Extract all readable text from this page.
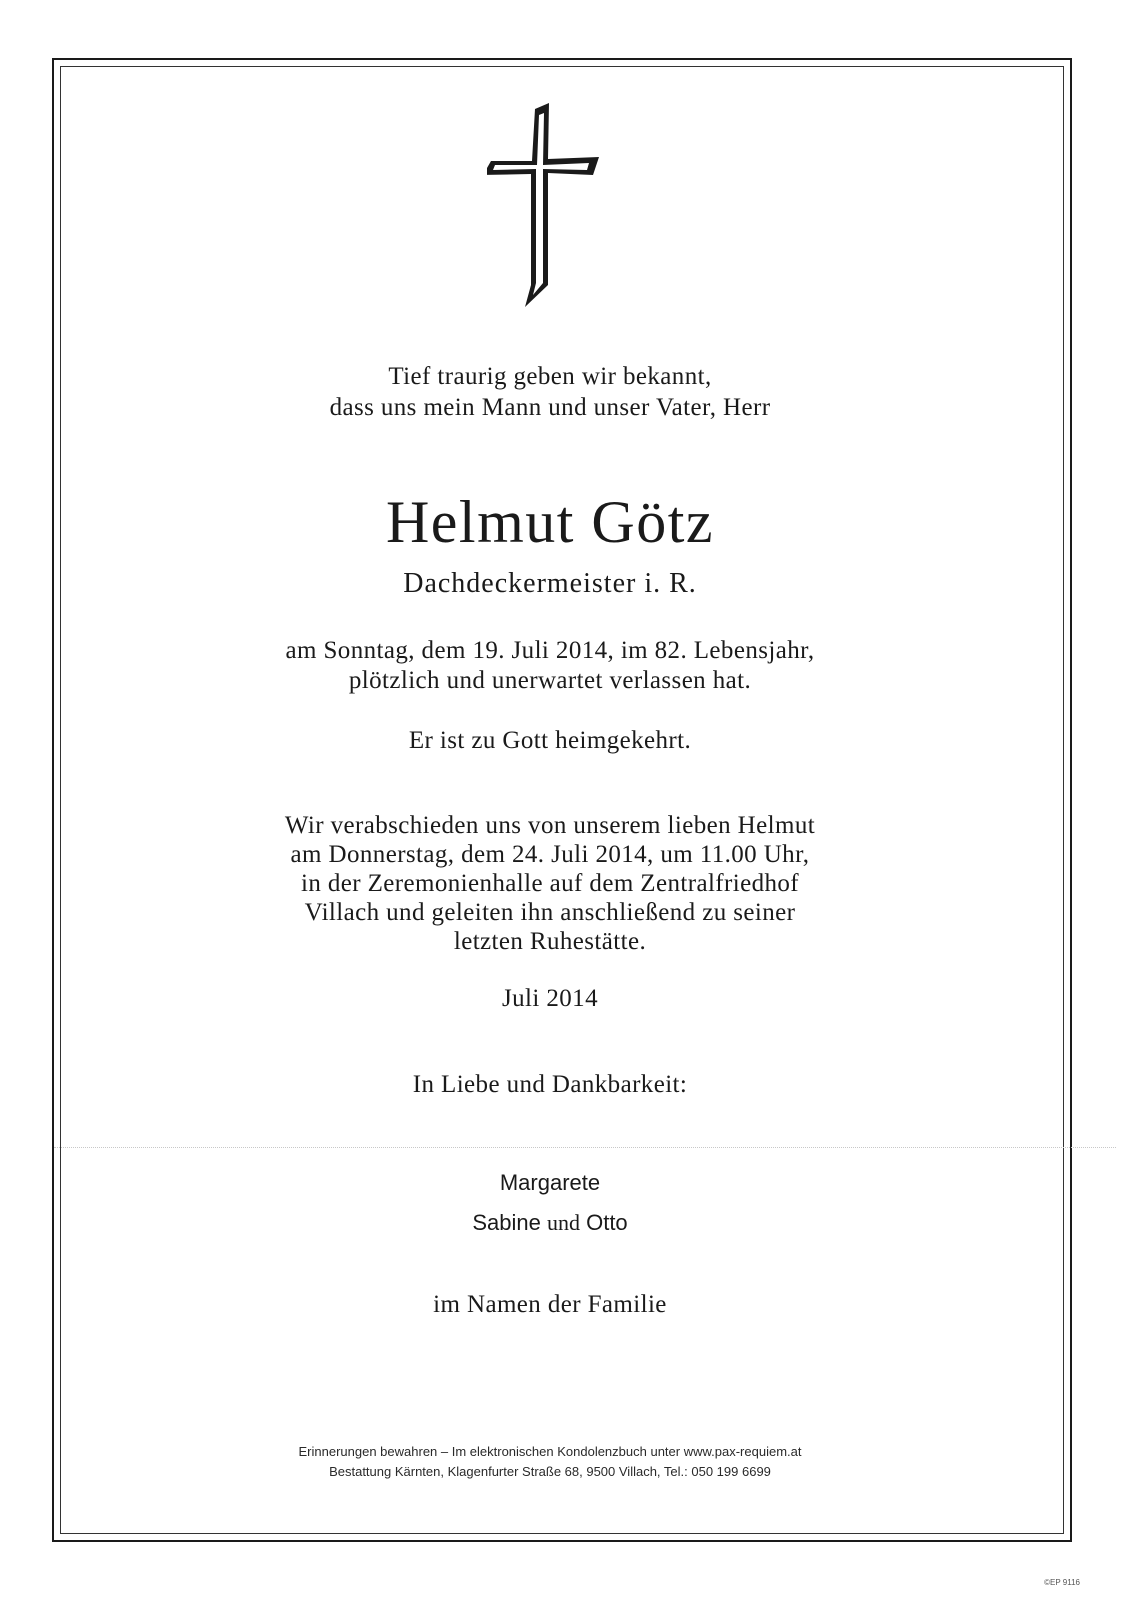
Tief traurig geben wir bekannt,
dass uns mein Mann und unser Vater, Herr
Helmut Götz
Dachdeckermeister i. R.
am Sonntag, dem 19. Juli 2014, im 82. Lebensjahr,
plötzlich und unerwartet verlassen hat.
Er ist zu Gott heimgekehrt.
Wir verabschieden uns von unserem lieben Helmut
am Donnerstag, dem 24. Juli 2014, um 11.00 Uhr,
in der Zeremonienhalle auf dem Zentralfriedhof
Villach und geleiten ihn anschließend zu seiner
letzten Ruhestätte.
Juli 2014
In Liebe und Dankbarkeit:
Margarete
Sabine und Otto
im Namen der Familie
Erinnerungen bewahren – Im elektronischen Kondolenzbuch unter www.pax-requiem.at
Bestattung Kärnten, Klagenfurter Straße 68, 9500 Villach, Tel.: 050 199 6699
©EP 9116
